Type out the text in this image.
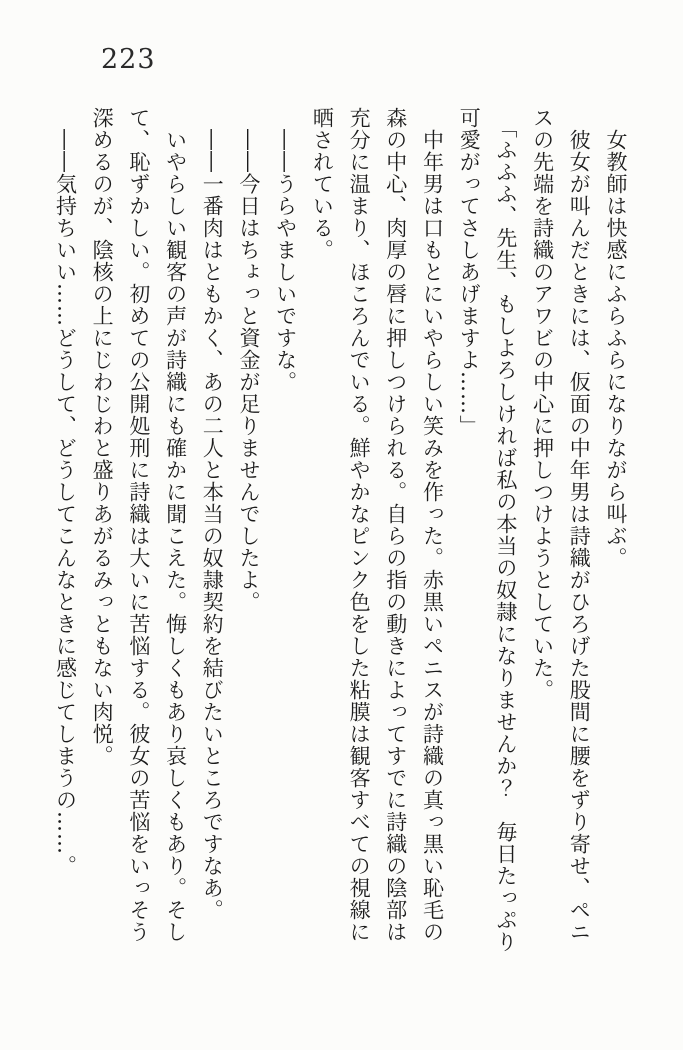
223
女教師は快感にふらふらになりながら叫ぶ。
彼女が叫んだときには、仮面の中年男は詩織がひろげた股間に腰をずり寄せ、ペニ
スの先端を詩織のアワビの中心に押しつけようとしていた。
「ふふふ、先生、もしよろしければ私の本当の奴隷になりませんか？　毎日たっぷり
可愛がってさしあげますよ……」
中年男は口もとにいやらしい笑みを作った。赤黒いペニスが詩織の真っ黒い恥毛の
森の中心、肉厚の唇に押しつけられる。自らの指の動きによってすでに詩織の陰部は
充分に温まり、ほころんでいる。鮮やかなピンク色をした粘膜は観客すべての視線に
晒されている。
――うらやましいですな。
――今日はちょっと資金が足りませんでしたよ。
――一番肉はともかく、あの二人と本当の奴隷契約を結びたいところですなあ。
いやらしい観客の声が詩織にも確かに聞こえた。悔しくもあり哀しくもあり。そし
て、恥ずかしい。初めての公開処刑に詩織は大いに苦悩する。彼女の苦悩をいっそう
深めるのが、陰核の上にじわじわと盛りあがるみっともない肉悦。
――気持ちいい……どうして、どうしてこんなときに感じてしまうの……。
